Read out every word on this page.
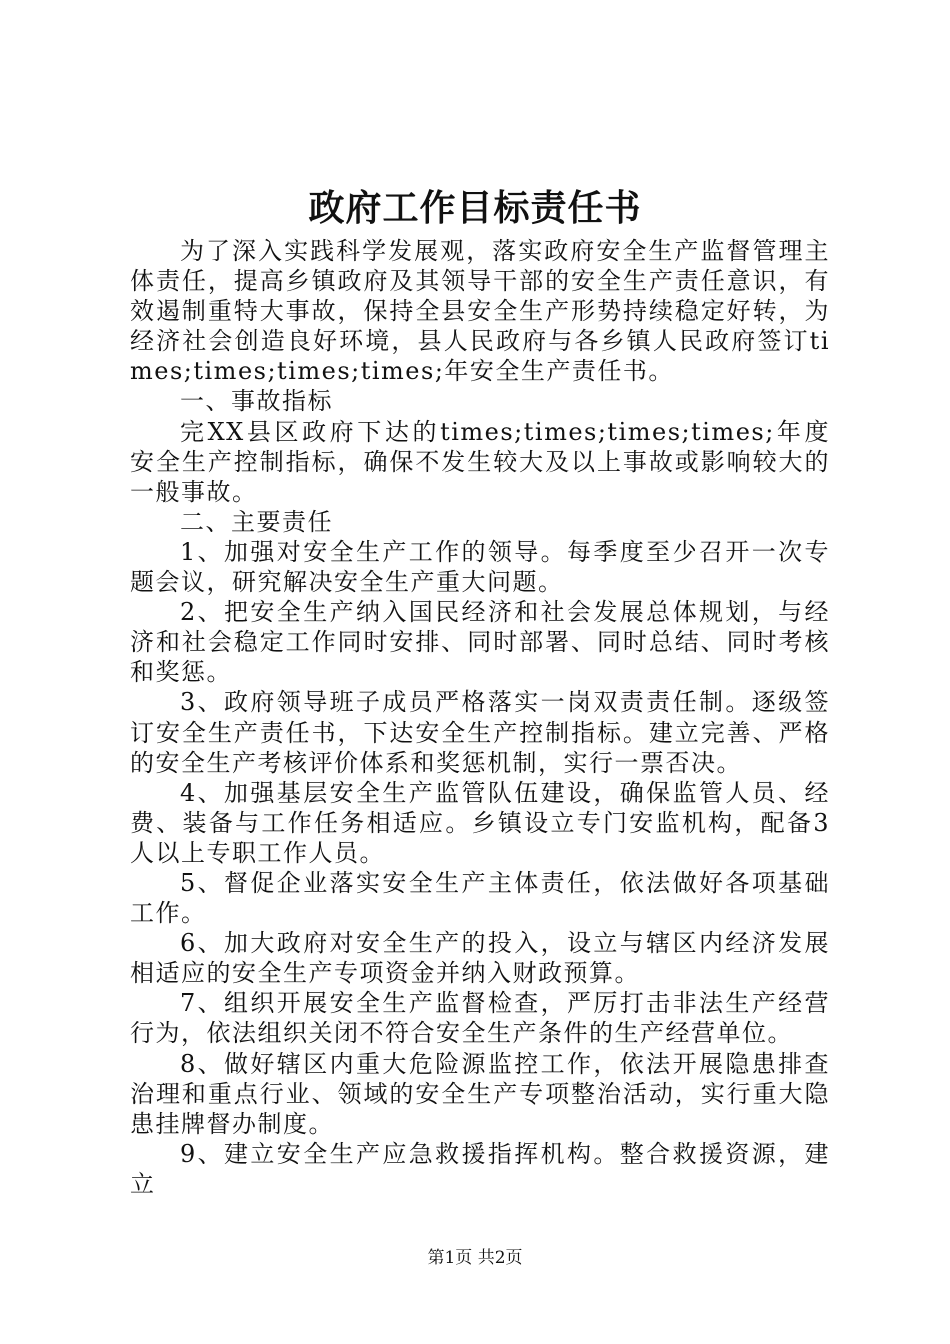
政府工作目标责任书

为了深入实践科学发展观，落实政府安全生产监督管理主体责任，提高乡镇政府及其领导干部的安全生产责任意识，有效遏制重特大事故，保持全县安全生产形势持续稳定好转，为经济社会创造良好环境，县人民政府与各乡镇人民政府签订times;times;times;times;年安全生产责任书。

一、事故指标

完XX县区政府下达的times;times;times;times;年度安全生产控制指标，确保不发生较大及以上事故或影响较大的一般事故。

二、主要责任

1、加强对安全生产工作的领导。每季度至少召开一次专题会议，研究解决安全生产重大问题。

2、把安全生产纳入国民经济和社会发展总体规划，与经济和社会稳定工作同时安排、同时部署、同时总结、同时考核和奖惩。

3、政府领导班子成员严格落实一岗双责责任制。逐级签订安全生产责任书，下达安全生产控制指标。建立完善、严格的安全生产考核评价体系和奖惩机制，实行一票否决。

4、加强基层安全生产监管队伍建设，确保监管人员、经费、装备与工作任务相适应。乡镇设立专门安监机构，配备3人以上专职工作人员。

5、督促企业落实安全生产主体责任，依法做好各项基础工作。

6、加大政府对安全生产的投入，设立与辖区内经济发展相适应的安全生产专项资金并纳入财政预算。

7、组织开展安全生产监督检查，严厉打击非法生产经营行为，依法组织关闭不符合安全生产条件的生产经营单位。

8、做好辖区内重大危险源监控工作，依法开展隐患排查治理和重点行业、领域的安全生产专项整治活动，实行重大隐患挂牌督办制度。

9、建立安全生产应急救援指挥机构。整合救援资源，建立

第1页 共2页
